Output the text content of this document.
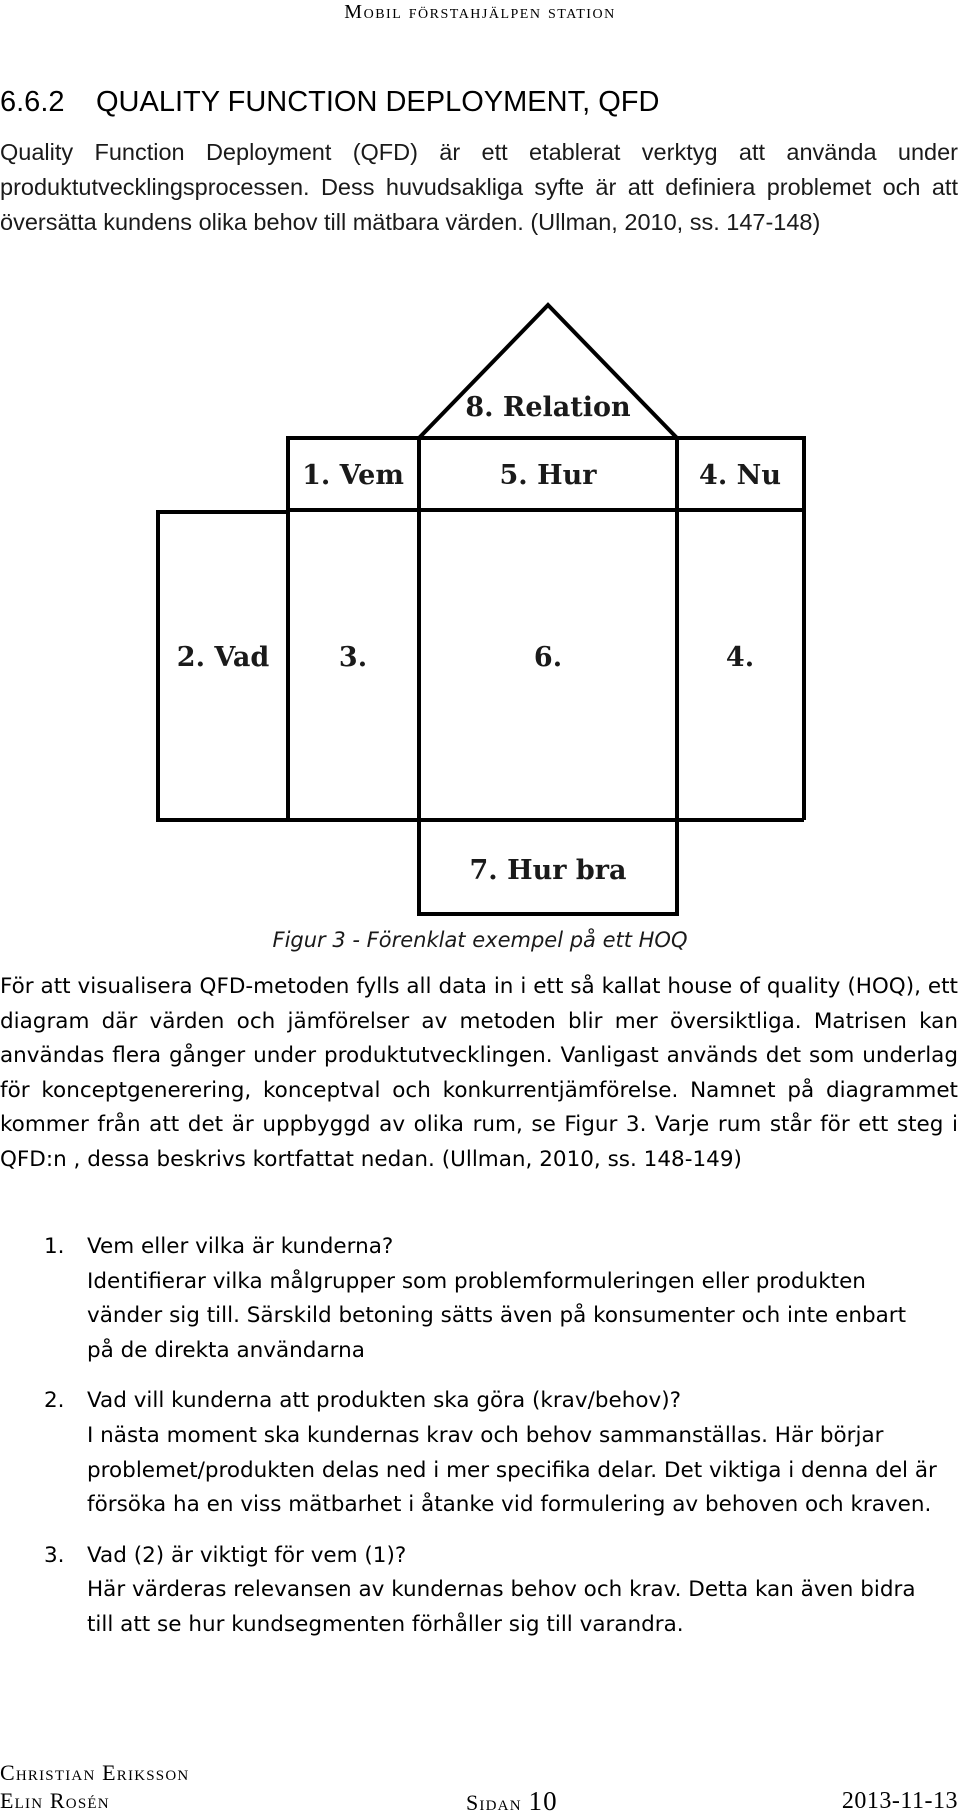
Mobil förstahjälpen station
6.6.2 QUALITY FUNCTION DEPLOYMENT, QFD

Quality Function Deployment (QFD) är ett etablerat verktyg att använda under produktutvecklingsprocessen. Dess huvudsakliga syfte är att definiera problemet och att översätta kundens olika behov till mätbara värden. (Ullman, 2010, ss. 147-148)

8. Relation
1. Vem	5. Hur	4. Nu
2. Vad	3.	6.	4.
7. Hur bra
Figur 3 - Förenklat exempel på ett HOQ

För att visualisera QFD-metoden fylls all data in i ett så kallat house of quality (HOQ), ett diagram där värden och jämförelser av metoden blir mer översiktliga. Matrisen kan användas flera gånger under produktutvecklingen. Vanligast används det som underlag för konceptgenerering, konceptval och konkurrentjämförelse. Namnet på diagrammet kommer från att det är uppbyggd av olika rum, se Figur 3. Varje rum står för ett steg i QFD:n , dessa beskrivs kortfattat nedan. (Ullman, 2010, ss. 148-149)

1.	Vem eller vilka är kunderna?
Identifierar vilka målgrupper som problemformuleringen eller produkten vänder sig till. Särskild betoning sätts även på konsumenter och inte enbart på de direkta användarna
2.	Vad vill kunderna att produkten ska göra (krav/behov)?
I nästa moment ska kundernas krav och behov sammanställas. Här börjar problemet/produkten delas ned i mer specifika delar. Det viktiga i denna del är försöka ha en viss mätbarhet i åtanke vid formulering av behoven och kraven.
3.	Vad (2) är viktigt för vem (1)?
Här värderas relevansen av kundernas behov och krav. Detta kan även bidra till att se hur kundsegmenten förhåller sig till varandra.
Christian Eriksson
Elin Rosén	Sidan 10	2013-11-13
